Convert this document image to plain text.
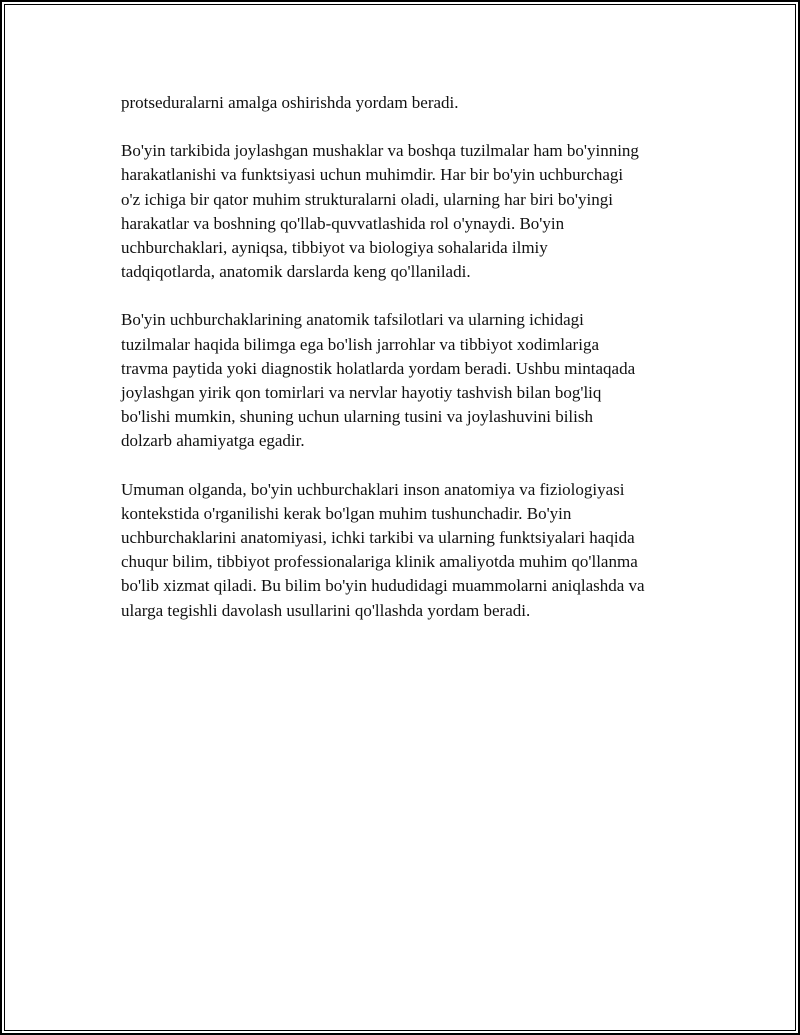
protseduralarni amalga oshirishda yordam beradi.

Bo'yin tarkibida joylashgan mushaklar va boshqa tuzilmalar ham bo'yinning
harakatlanishi va funktsiyasi uchun muhimdir. Har bir bo'yin uchburchagi
o'z ichiga bir qator muhim strukturalarni oladi, ularning har biri bo'yingi
harakatlar va boshning qo'llab-quvvatlashida rol o'ynaydi. Bo'yin
uchburchaklari, ayniqsa, tibbiyot va biologiya sohalarida ilmiy
tadqiqotlarda, anatomik darslarda keng qo'llaniladi.

Bo'yin uchburchaklarining anatomik tafsilotlari va ularning ichidagi
tuzilmalar haqida bilimga ega bo'lish jarrohlar va tibbiyot xodimlariga
travma paytida yoki diagnostik holatlarda yordam beradi. Ushbu mintaqada
joylashgan yirik qon tomirlari va nervlar hayotiy tashvish bilan bog'liq
bo'lishi mumkin, shuning uchun ularning tusini va joylashuvini bilish
dolzarb ahamiyatga egadir.

Umuman olganda, bo'yin uchburchaklari inson anatomiya va fiziologiyasi
kontekstida o'rganilishi kerak bo'lgan muhim tushunchadir. Bo'yin
uchburchaklarini anatomiyasi, ichki tarkibi va ularning funktsiyalari haqida
chuqur bilim, tibbiyot professionalariga klinik amaliyotda muhim qo'llanma
bo'lib xizmat qiladi. Bu bilim bo'yin hududidagi muammolarni aniqlashda va
ularga tegishli davolash usullarini qo'llashda yordam beradi.
